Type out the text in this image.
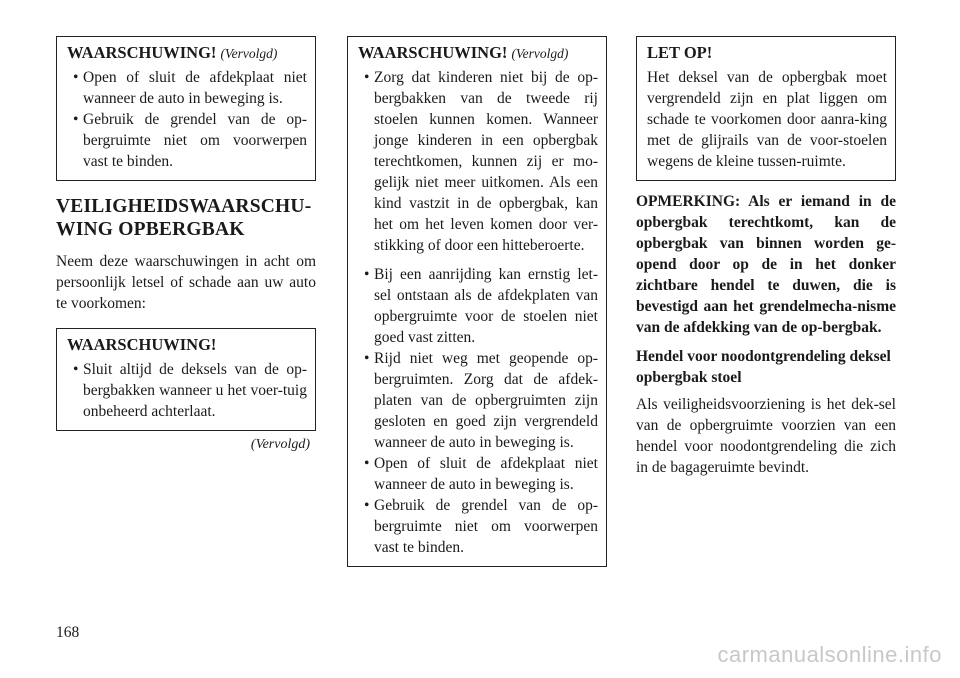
WAARSCHUWING! (Vervolgd)
• Open of sluit de afdekplaat niet wanneer de auto in beweging is.
• Gebruik de grendel van de op-bergruimte niet om voorwerpen vast te binden.
VEILIGHEIDSWAARSCHU-WING OPBERGBAK

Neem deze waarschuwingen in acht om persoonlijk letsel of schade aan uw auto te voorkomen:

WAARSCHUWING!
• Sluit altijd de deksels van de op-bergbakken wanneer u het voer-tuig onbeheerd achterlaat.
(Vervolgd)
WAARSCHUWING! (Vervolgd)
• Zorg dat kinderen niet bij de op-bergbakken van de tweede rij stoelen kunnen komen. Wanneer jonge kinderen in een opbergbak terechtkomen, kunnen zij er mo-gelijk niet meer uitkomen. Als een kind vastzit in de opbergbak, kan het om het leven komen door ver-stikking of door een hitteberoerte.
• Bij een aanrijding kan ernstig let-sel ontstaan als de afdekplaten van opbergruimte voor de stoelen niet goed vast zitten.
• Rijd niet weg met geopende op-bergruimten. Zorg dat de afdek-platen van de opbergruimten zijn gesloten en goed zijn vergrendeld wanneer de auto in beweging is.
• Open of sluit de afdekplaat niet wanneer de auto in beweging is.
• Gebruik de grendel van de op-bergruimte niet om voorwerpen vast te binden.
LET OP!

Het deksel van de opbergbak moet vergrendeld zijn en plat liggen om schade te voorkomen door aanra-king met de glijrails van de voor-stoelen wegens de kleine tussen-ruimte.

OPMERKING: Als er iemand in de opbergbak terechtkomt, kan de opbergbak van binnen worden ge-opend door op de in het donker zichtbare hendel te duwen, die is bevestigd aan het grendelmecha-nisme van de afdekking van de op-bergbak.
Hendel voor noodontgrendeling deksel opbergbak stoel

Als veiligheidsvoorziening is het dek-sel van de opbergruimte voorzien van een hendel voor noodontgrendeling die zich in de bagageruimte bevindt.

168
carmanualsonline.info
